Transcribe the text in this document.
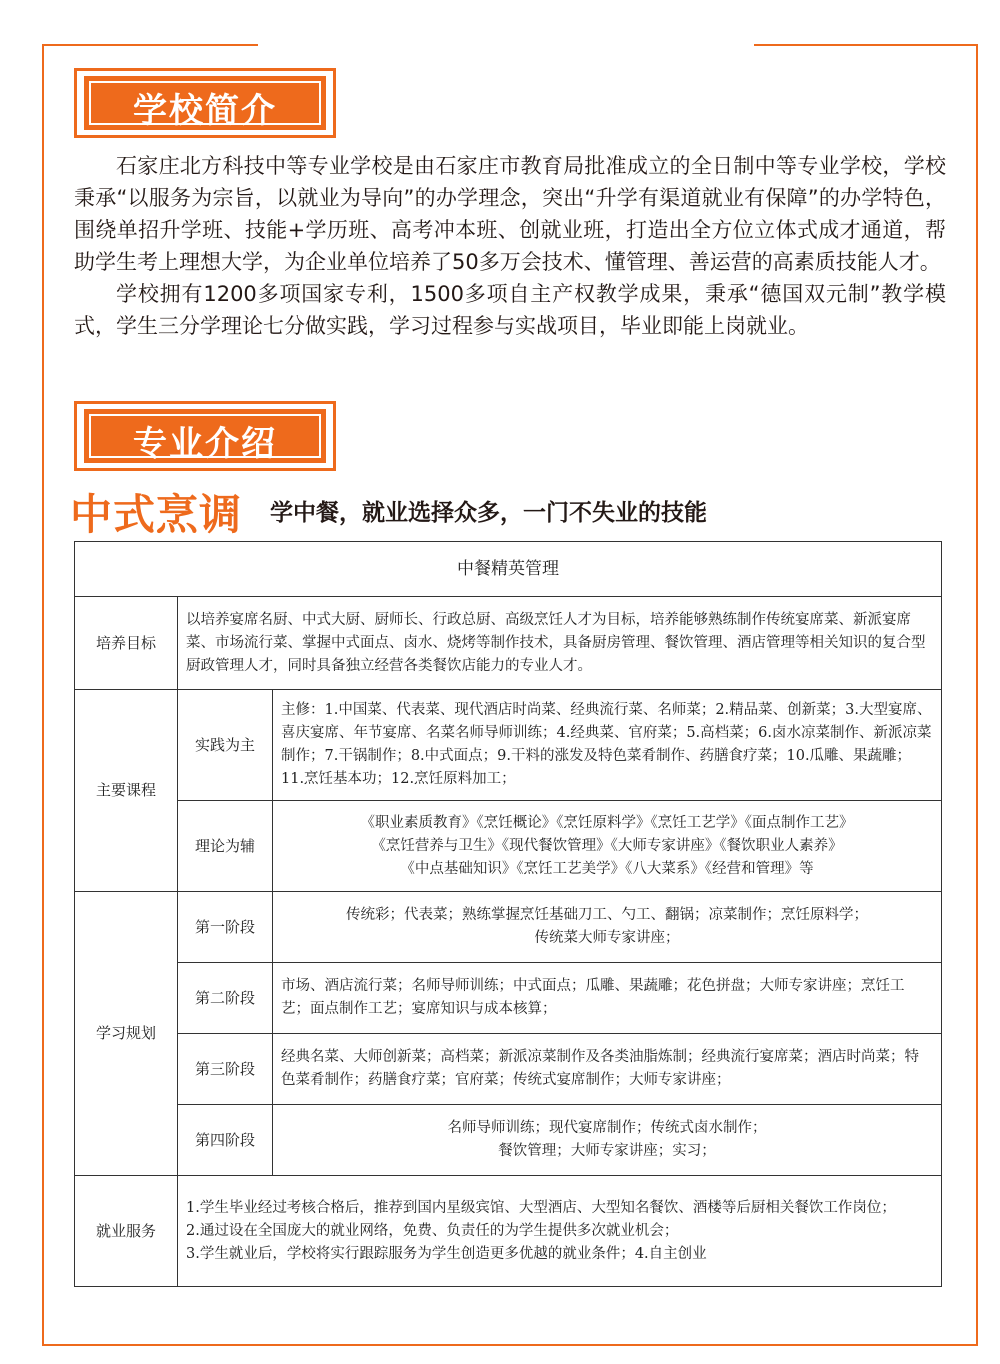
学校简介

石家庄北方科技中等专业学校是由石家庄市教育局批准成立的全日制中等专业学校，学校秉承“以服务为宗旨，以就业为导向”的办学理念，突出“升学有渠道就业有保障”的办学特色，围绕单招升学班、技能+学历班、高考冲本班、创就业班，打造出全方位立体式成才通道，帮助学生考上理想大学，为企业单位培养了50多万会技术、懂管理、善运营的高素质技能人才。

学校拥有1200多项国家专利，1500多项自主产权教学成果，秉承“德国双元制”教学模式，学生三分学理论七分做实践，学习过程参与实战项目，毕业即能上岗就业。

专业介绍
中式烹调 学中餐，就业选择众多，一门不失业的技能
中餐精英管理		
培养目标	以培养宴席名厨、中式大厨、厨师长、行政总厨、高级烹饪人才为目标，培养能够熟练制作传统宴席菜、新派宴席菜、市场流行菜、掌握中式面点、卤水、烧烤等制作技术，具备厨房管理、餐饮管理、酒店管理等相关知识的复合型厨政管理人才，同时具备独立经营各类餐饮店能力的专业人才。	
主要课程	实践为主	主修：1.中国菜、代表菜、现代酒店时尚菜、经典流行菜、名师菜；2.精品菜、创新菜；3.大型宴席、喜庆宴席、年节宴席、名菜名师导师训练；4.经典菜、官府菜；5.高档菜；6.卤水凉菜制作、新派凉菜制作；7.干锅制作；8.中式面点；9.干料的涨发及特色菜肴制作、药膳食疗菜；10.瓜雕、果蔬雕；11.烹饪基本功；12.烹饪原料加工；
	理论为辅	《职业素质教育》《烹饪概论》《烹饪原料学》《烹饪工艺学》《面点制作工艺》
《烹饪营养与卫生》《现代餐饮管理》《大师专家讲座》《餐饮职业人素养》
《中点基础知识》《烹饪工艺美学》《八大菜系》《经营和管理》等

学习规划	第一阶段	传统彩；代表菜；熟练掌握烹饪基础刀工、勺工、翻锅；凉菜制作；烹饪原料学；
传统菜大师专家讲座；

	第二阶段	市场、酒店流行菜；名师导师训练；中式面点；瓜雕、果蔬雕；花色拼盘；大师专家讲座；烹饪工艺；面点制作工艺；宴席知识与成本核算；
	第三阶段	经典名菜、大师创新菜；高档菜；新派凉菜制作及各类油脂炼制；经典流行宴席菜；酒店时尚菜；特色菜肴制作；药膳食疗菜；官府菜；传统式宴席制作；大师专家讲座；
	第四阶段	名师导师训练；现代宴席制作；传统式卤水制作；
餐饮管理；大师专家讲座；实习；

就业服务	1.学生毕业经过考核合格后，推荐到国内星级宾馆、大型酒店、大型知名餐饮、酒楼等后厨相关餐饮工作岗位；
2.通过设在全国庞大的就业网络，免费、负责任的为学生提供多次就业机会；
3.学生就业后，学校将实行跟踪服务为学生创造更多优越的就业条件；4.自主创业	
